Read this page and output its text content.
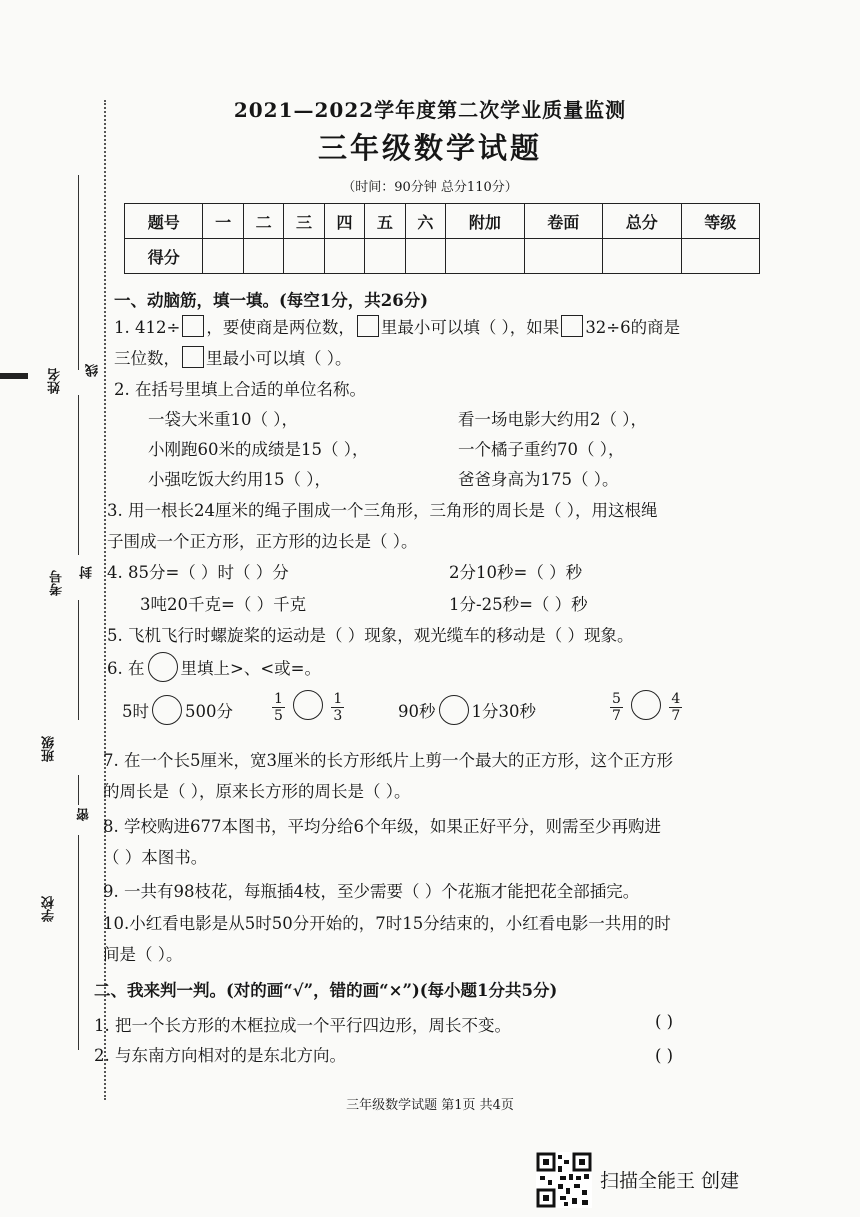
姓名 线
考号 封
班级
密
学校
2021—2022学年度第二次学业质量监测
三年级数学试题
（时间：90分钟 总分110分）
题号	一	二	三	四	五	六	附加	卷面	总分	等级
得分										
一、动脑筋，填一填。(每空1分，共26分)
1. 412÷ ，要使商是两位数， 里最小可以填（ ），如果 32÷6的商是
三位数， 里最小可以填（ ）。
2. 在括号里填上合适的单位名称。
一袋大米重10（ ），	看一场电影大约用2（ ），
小刚跑60米的成绩是15（ ），	一个橘子重约70（ ），
小强吃饭大约用15（ ），	爸爸身高为175（ ）。
3. 用一根长24厘米的绳子围成一个三角形，三角形的周长是（ ），用这根绳
子围成一个正方形，正方形的边长是（ ）。
4. 85分=（ ）时（ ）分	2分10秒=（ ）秒
3吨20千克=（ ）千克	1分-25秒=（ ）秒
5. 飞机飞行时螺旋桨的运动是（ ）现象，观光缆车的移动是（ ）现象。
6. 在 里填上>、<或=。
5时 500分	$\frac{1}{5}$
	$\frac{1}{3}$	90秒 1分30秒	$\frac{5}{7}$
	$\frac{4}{7}$
7. 在一个长5厘米，宽3厘米的长方形纸片上剪一个最大的正方形，这个正方形
的周长是（ ），原来长方形的周长是（ ）。
8. 学校购进677本图书，平均分给6个年级，如果正好平分，则需至少再购进
（ ）本图书。
9. 一共有98枝花，每瓶插4枝，至少需要（ ）个花瓶才能把花全部插完。
10.小红看电影是从5时50分开始的，7时15分结束的，小红看电影一共用的时
间是（ ）。
二、我来判一判。(对的画“√”，错的画“×”)(每小题1分共5分)
1. 把一个长方形的木框拉成一个平行四边形，周长不变。	( )
2. 与东南方向相对的是东北方向。	( )
三年级数学试题 第1页 共4页
扫描全能王 创建
